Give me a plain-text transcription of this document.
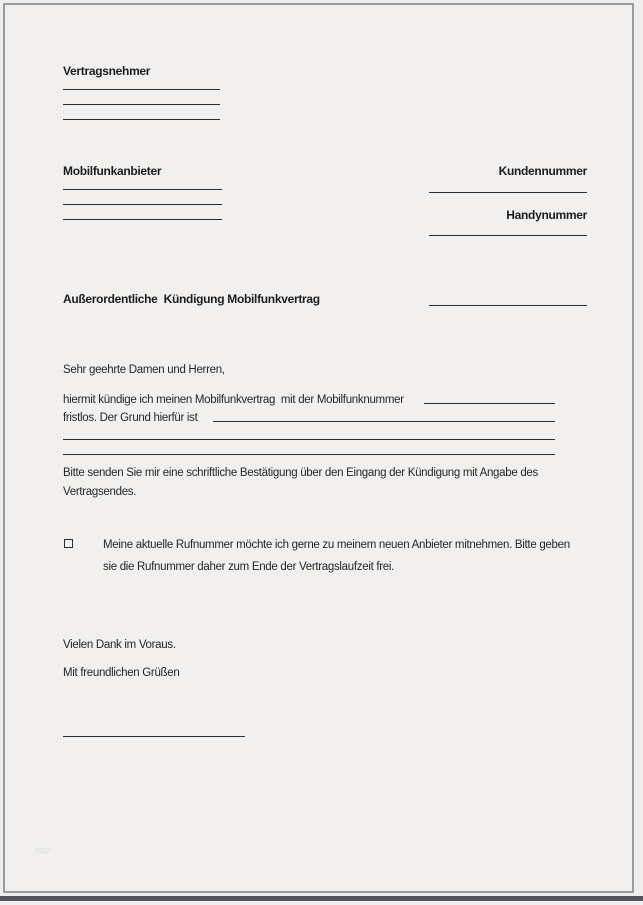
Vertragsnehmer
Mobilfunkanbieter	Kundennummer
Handynummer
Außerordentliche  Kündigung Mobilfunkvertrag
Sehr geehrte Damen und Herren,
hiermit kündige ich meinen Mobilfunkvertrag  mit der Mobilfunknummer
fristlos. Der Grund hierfür ist
Bitte senden Sie mir eine schriftliche Bestätigung über den Eingang der Kündigung mit Angabe des Vertragsendes.
Meine aktuelle Rufnummer möchte ich gerne zu meinem neuen Anbieter mitnehmen. Bitte geben sie die Rufnummer daher zum Ende der Vertragslaufzeit frei.
Vielen Dank im Voraus.
Mit freundlichen Grüßen
http
